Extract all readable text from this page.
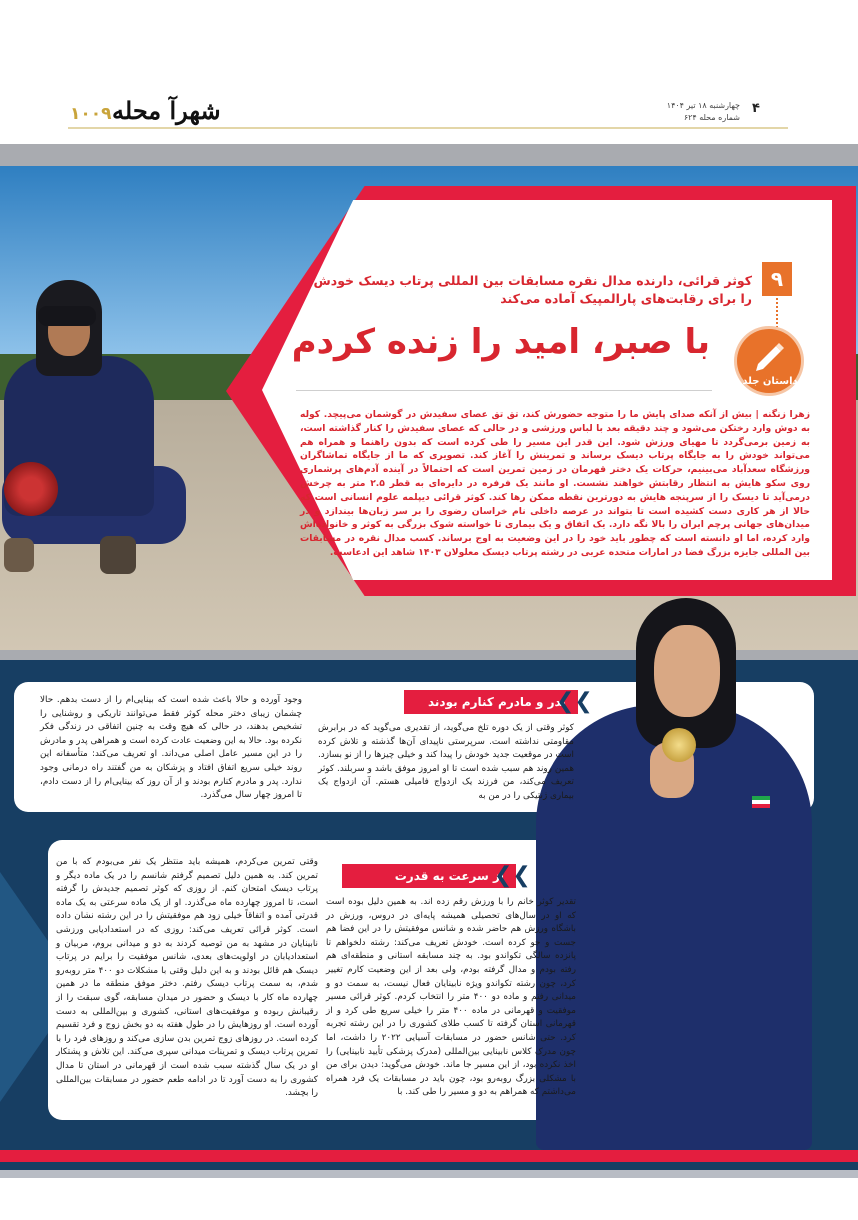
شهرآ محله
۱۰۰۹	۴
چهارشنبه ۱۸ تیر ۱۴۰۴
شماره محله ۶۲۴
۹
داستان جلد
کوثر قرائی، دارنده مدال نقره مسابقات بین المللی پرتاب دیسک خودش را برای رقابت‌های پارالمپیک آماده می‌کند
با صبر، امید را زنده کردم
زهرا زنگنه | بیش از آنکه صدای پایش ما را متوجه حضورش کند، تق تق عصای سفیدش در گوشمان می‌پیچد. کوله به دوش وارد رختکن می‌شود و چند دقیقه بعد با لباس ورزشی و در حالی که عصای سفیدش را کنار گذاشته است، به زمین برمی‌گردد تا مهیای ورزش شود. این قدر این مسیر را طی کرده است که بدون راهنما و همراه هم می‌تواند خودش را به جایگاه پرتاب دیسک برساند و تمرینش را آغاز کند. تصویری که ما از جایگاه تماشاگران ورزشگاه سعدآباد می‌بینیم، حرکات یک دختر قهرمان در زمین تمرین است که احتمالاً در آینده آدم‌های پرشماری روی سکو هایش به انتظار رقابتش خواهند نشست. او مانند یک فرفره در دایره‌ای به قطر ۲.۵ متر به چرخش درمی‌آید تا دیسک را از سرپنجه هایش به دورترین نقطه ممکن رها کند. کوثر قرائی دیپلمه علوم انسانی است که حالا از هر کاری دست کشیده است تا بتواند در عرصه داخلی نام خراسان رضوی را بر سر زبان‌ها بیندازد و در میدان‌های جهانی پرچم ایران را بالا نگه دارد. یک اتفاق و یک بیماری تا خواسته شوک بزرگی به کوثر و خانواده‌اش وارد کرده، اما او دانسته است که چطور باید خود را در این وضعیت به اوج برساند. کسب مدال نقره در مسابقات بین المللی جایزه بزرگ فضا در امارات متحده عربی در رشته پرتاب دیسک معلولان ۱۴۰۳ شاهد این ادعاست.
پدر و مادرم کنارم بودند
❮❮
کوثر وقتی از یک دوره تلخ می‌گوید، از تقدیری می‌گوید که در برابرش مقاومتی نداشته است. سرپرستی ناپیدای آن‌ها گذشته و تلاش کرده است در موقعیت جدید خودش را پیدا کند و خیلی چیزها را از نو بسازد. همین روند هم سبب شده است تا او امروز موفق باشد و سربلند. کوثر تعریف می‌کند، من فرزند یک ازدواج فامیلی هستم. آن ازدواج یک بیماری ژنتیکی را در من به
وجود آورده و حالا باعث شده است که بینایی‌ام را از دست بدهم. حالا چشمان زیبای دختر محله کوثر فقط می‌توانند تاریکی و روشنایی را تشخیص بدهند، در حالی که هیچ وقت به چنین اتفاقی در زندگی فکر نکرده بود. حالا به این وضعیت عادت کرده است و همراهی پدر و مادرش را در این مسیر عامل اصلی می‌داند. او تعریف می‌کند: متأسفانه این روند خیلی سریع اتفاق افتاد و پزشکان به من گفتند راه درمانی وجود ندارد. پدر و مادرم کنارم بودند و از آن روز که بینایی‌ام را از دست دادم، تا امروز چهار سال می‌گذرد.
از سرعت به قدرت
❮❮
تقدیر کوثر خانم را با ورزش رقم زده اند. به همین دلیل بوده است که او در سال‌های تحصیلی همیشه پایه‌ای در دروس، ورزش در باشگاه ورزش هم حاضر شده و شانس موفقیتش را در این فضا هم جست و جو کرده است. خودش تعریف می‌کند: رشته دلخواهم تا پانزده سالگی تکواندو بود. به چند مسابقه استانی و منطقه‌ای هم رفته بودم و مدال گرفته بودم، ولی بعد از این وضعیت کارم تغییر کرد، چون رشته تکواندو ویژه نابینایان فعال نیست، به سمت دو و میدانی رفتم و ماده دو ۴۰۰ متر را انتخاب کردم. کوثر قرائی مسیر موفقیت و قهرمانی در ماده ۴۰۰ متر را خیلی سریع طی کرد و از قهرمانی استان گرفته تا کسب طلای کشوری را در این رشته تجربه کرد. حتی شانس حضور در مسابقات آسیایی ۲۰۲۲ را داشت، اما چون مدرک کلاس نابینایی بین‌المللی (مدرک پزشکی تأیید نابینایی) را اخذ نکرده بود، از این مسیر جا ماند. خودش می‌گوید: دیدن برای من با مشکلی بزرگ روبه‌رو بود، چون باید در مسابقات یک فرد همراه می‌داشتم که همراهم به دو و مسیر را طی کند. با
وقتی تمرین می‌کردم، همیشه باید منتظر یک نفر می‌بودم که با من تمرین کند. به همین دلیل تصمیم گرفتم شانسم را در یک ماده دیگر و پرتاب دیسک امتحان کنم. از روزی که کوثر تصمیم جدیدش را گرفته است، تا امروز چهارده ماه می‌گذرد. او از یک ماده سرعتی به یک ماده قدرتی آمده و اتفاقاً خیلی زود هم موفقیتش را در این رشته نشان داده است. کوثر قرائی تعریف می‌کند: روزی که در استعدادیابی ورزشی نابینایان در مشهد به من توصیه کردند به دو و میدانی بروم، مربیان و استعدادیابان در اولویت‌های بعدی، شانس موفقیت را برایم در پرتاب دیسک هم قائل بودند و به این دلیل وقتی با مشکلات دو ۴۰۰ متر روبه‌رو شدم، به سمت پرتاب دیسک رفتم. دختر موفق منطقه ما در همین چهارده ماه کار با دیسک و حضور در میدان مسابقه، گوی سبقت را از رقیبانش ربوده و موفقیت‌های استانی، کشوری و بین‌المللی به دست آورده است. او روزهایش را در طول هفته به دو بخش زوج و فرد تقسیم کرده است. در روزهای زوج تمرین بدن سازی می‌کند و روزهای فرد را با تمرین پرتاب دیسک و تمرینات میدانی سپری می‌کند. این تلاش و پشتکار او در یک سال گذشته سبب شده است از قهرمانی در استان تا مدال کشوری را به دست آورد تا در ادامه طعم حضور در مسابقات بین‌المللی را بچشد.
